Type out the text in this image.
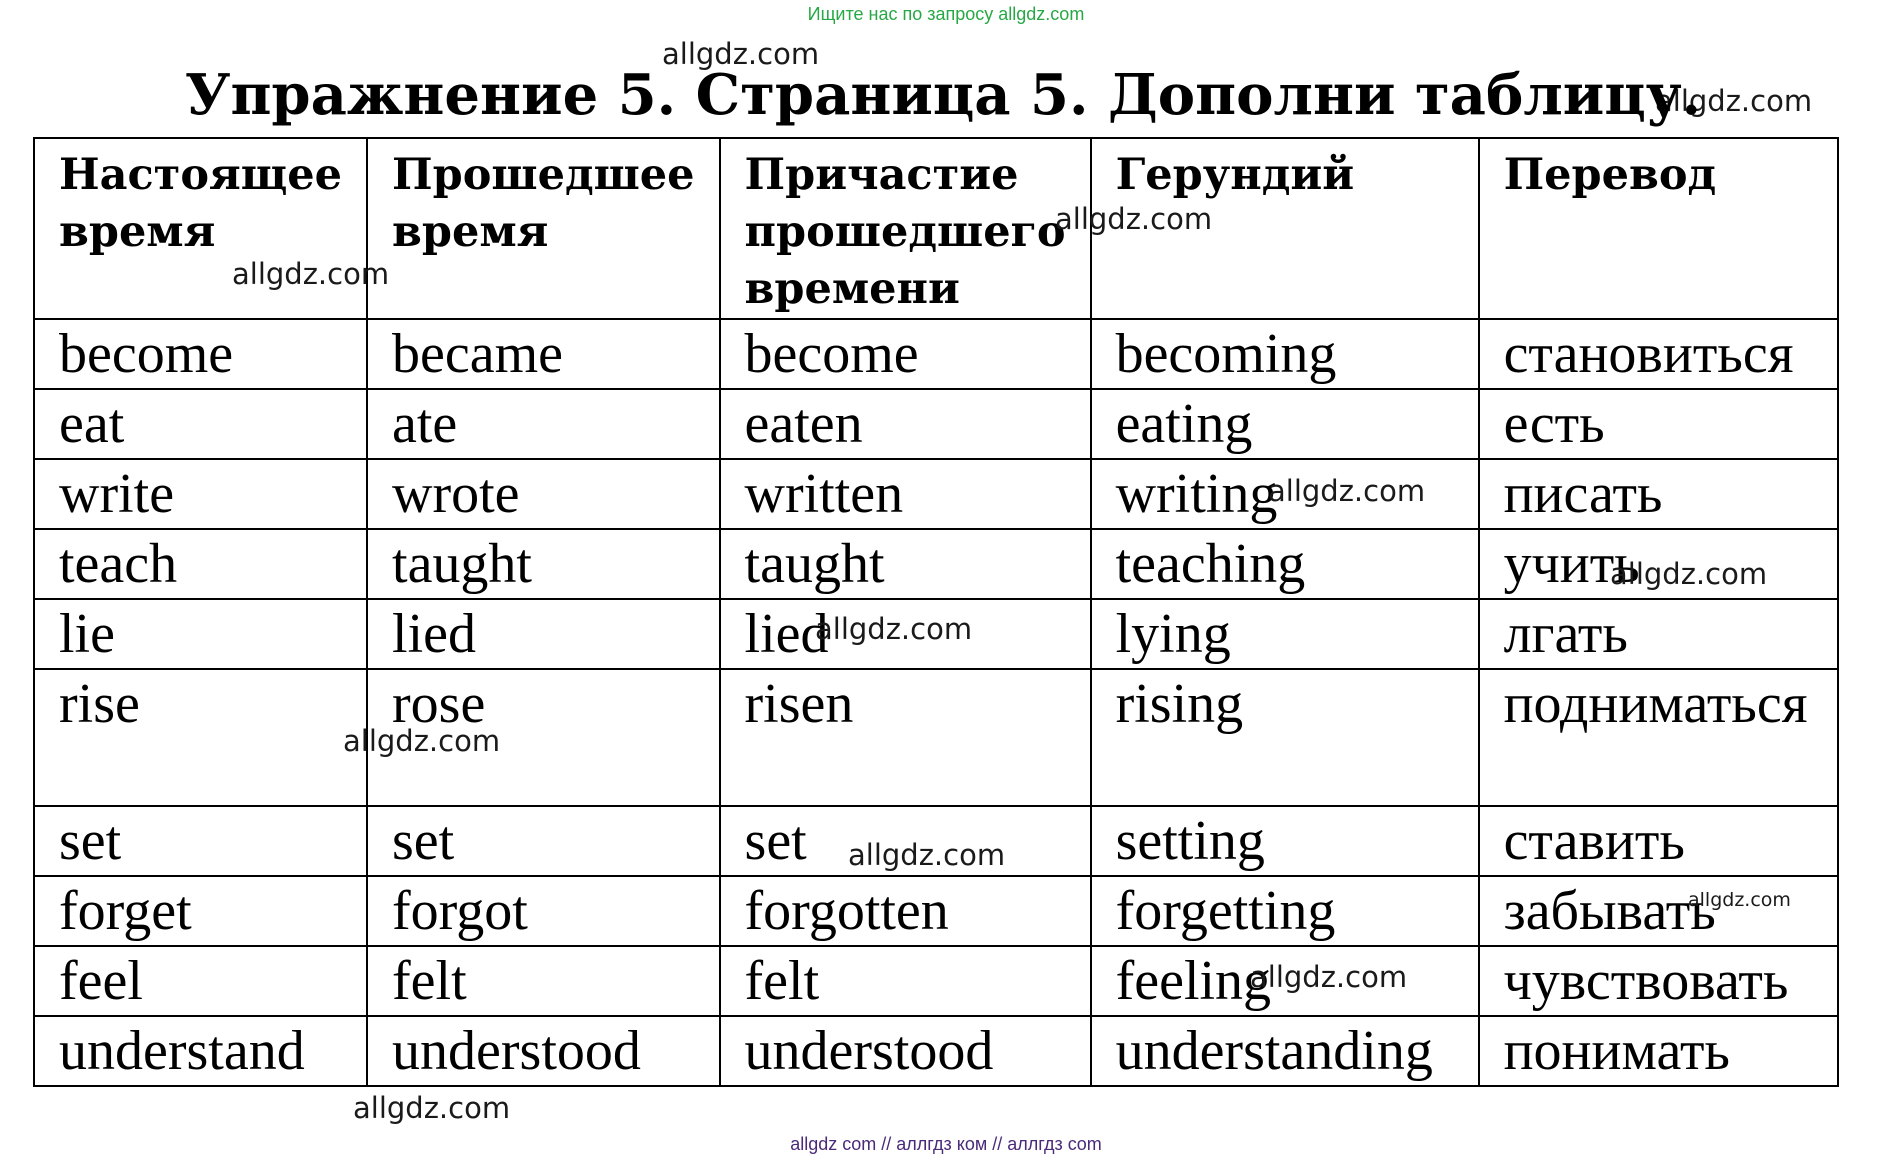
Ищите нас по запросу allgdz.com
allgdz.com
allgdz.com
Упражнение 5. Страница 5. Дополни таблицу.
Настоящее время	Прошедшее время	Причастие прошедшего времени	Герундий	Перевод
become	became	become	becoming	становиться
eat	ate	eaten	eating	есть
write	wrote	written	writing	писать
teach	taught	taught	teaching	учить
lie	lied	lied	lying	лгать
rise	rose	risen	rising	подниматься
set	set	set	setting	ставить
forget	forgot	forgotten	forgetting	забывать
feel	felt	felt	feeling	чувствовать
understand	understood	understood	understanding	понимать
allgdz.com
allgdz.com
allgdz.com
allgdz.com
allgdz.com
allgdz.com
allgdz.com
allgdz.com
allgdz.com
allgdz.com
allgdz com // аллгдз ком // аллгдз com
